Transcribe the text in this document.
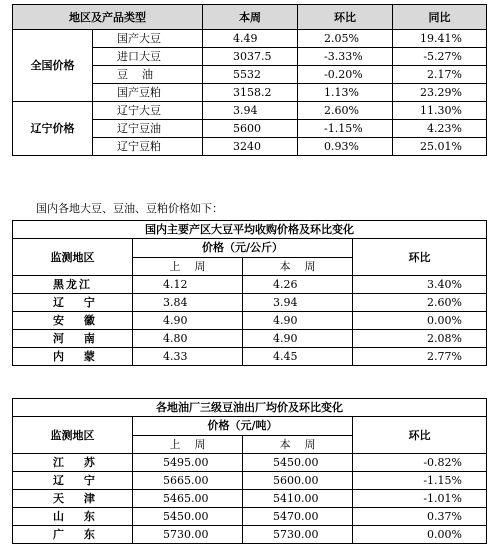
地区及产品类型		本周	环比	同比
全国价格	国产大豆	4.49	2.05%	19.41%
	进口大豆	3037.5	-3.33%	-5.27%
	豆    油	5532	-0.20%	2.17%
	国产豆粕	3158.2	1.13%	23.29%
辽宁价格	辽宁大豆	3.94	2.60%	11.30%
	辽宁豆油	5600	-1.15%	4.23%
	辽宁豆粕	3240	0.93%	25.01%
国内各地大豆、豆油、豆粕价格如下：
国内主要产区大豆平均收购价格及环比变化			
监测地区	价格（元/公斤）		环比
	上    周	本    周	
黑龙江	4.12	4.26	3.40%
辽 宁	3.84	3.94	2.60%
安 徽	4.90	4.90	0.00%
河 南	4.80	4.90	2.08%
内 蒙	4.33	4.45	2.77%
各地油厂三级豆油出厂均价及环比变化			
监测地区	价格（元/吨）		环比
	上    周	本    周	
江 苏	5495.00	5450.00	-0.82%
辽 宁	5665.00	5600.00	-1.15%
天 津	5465.00	5410.00	-1.01%
山 东	5450.00	5470.00	0.37%
广 东	5730.00	5730.00	0.00%
